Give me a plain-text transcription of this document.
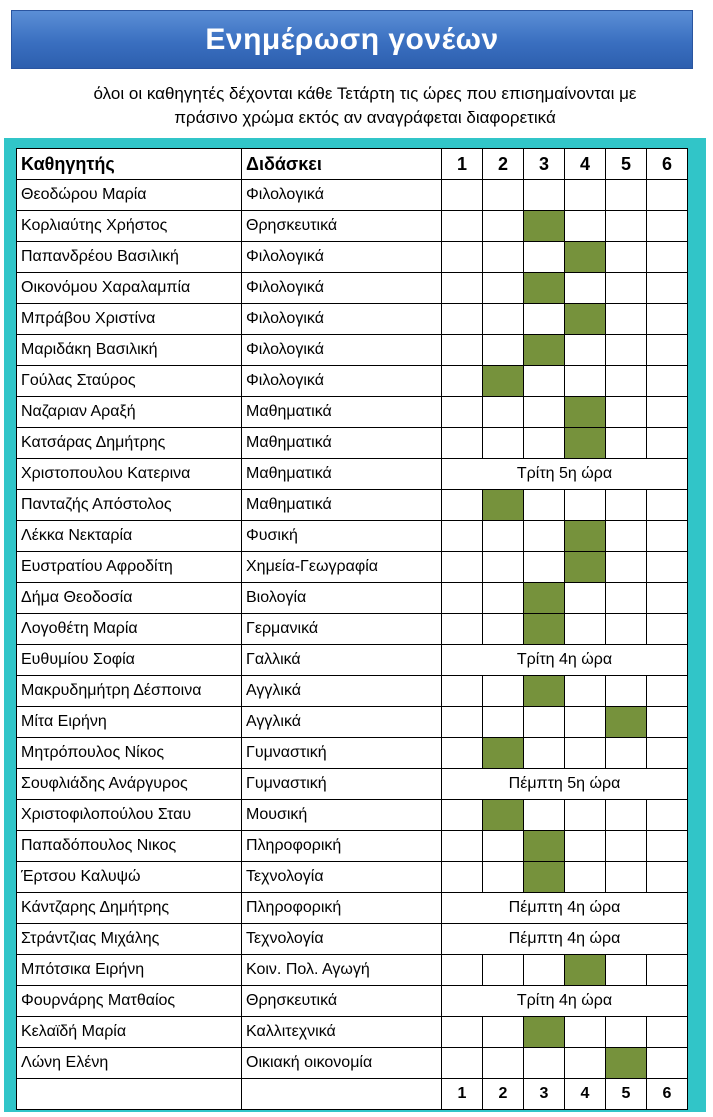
Ενημέρωση γονέων
όλοι οι καθηγητές δέχονται κάθε Τετάρτη τις ώρες που επισημαίνονται με
πράσινο χρώμα εκτός αν αναγράφεται διαφορετικά
Καθηγητής	Διδάσκει	1	2	3	4	5	6
Θεοδώρου Μαρία	Φιλολογικά						
Κορλιαύτης Χρήστος	Θρησκευτικά						
Παπανδρέου Βασιλική	Φιλολογικά						
Οικονόμου Χαραλαμπία	Φιλολογικά						
Μπράβου Χριστίνα	Φιλολογικά						
Μαριδάκη Βασιλική	Φιλολογικά						
Γούλας Σταύρος	Φιλολογικά						
Ναζαριαν Αραξή	Μαθηματικά						
Κατσάρας Δημήτρης	Μαθηματικά						
Χριστοπουλου Κατερινα	Μαθηματικά	Τρίτη 5η ώρα					
Πανταζής Απόστολος	Μαθηματικά						
Λέκκα Νεκταρία	Φυσική						
Ευστρατίου Αφροδίτη	Χημεία-Γεωγραφία						
Δήμα Θεοδοσία	Βιολογία						
Λογοθέτη Μαρία	Γερμανικά						
Ευθυμίου Σοφία	Γαλλικά	Τρίτη 4η ώρα					
Μακρυδημήτρη Δέσποινα	Αγγλικά						
Μίτα Ειρήνη	Αγγλικά						
Μητρόπουλος Νίκος	Γυμναστική						
Σουφλιάδης Ανάργυρος	Γυμναστική	Πέμπτη 5η ώρα					
Χριστοφιλοπούλου Σταυ	Μουσική						
Παπαδόπουλος Νικος	Πληροφορική						
Έρτσου Καλυψώ	Τεχνολογία						
Κάντζαρης Δημήτρης	Πληροφορική	Πέμπτη 4η ώρα					
Στράντζιας Μιχάλης	Τεχνολογία	Πέμπτη 4η ώρα					
Μπότσικα Ειρήνη	Κοιν. Πολ. Αγωγή						
Φουρνάρης Ματθαίος	Θρησκευτικά	Τρίτη 4η ώρα					
Κελαϊδή Μαρία	Καλλιτεχνικά						
Λώνη Ελένη	Οικιακή οικονομία						
		1	2	3	4	5	6
